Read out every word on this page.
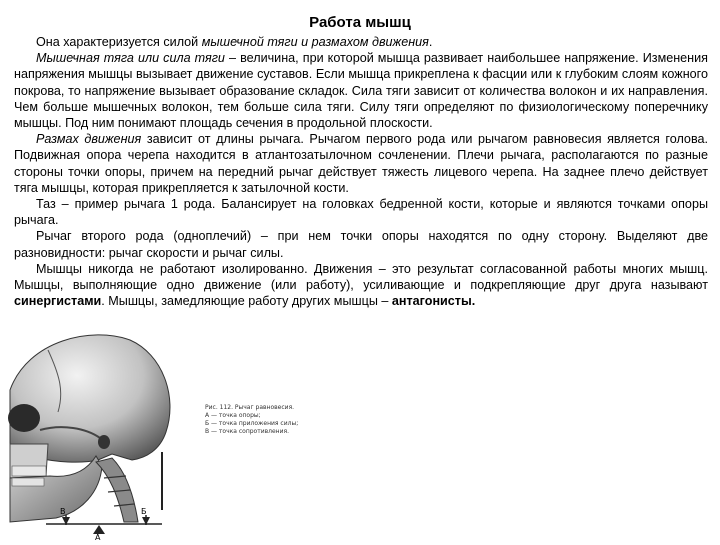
Работа мышц

Она характеризуется силой мышечной тяги и размахом движения.

Мышечная тяга или сила тяги – величина, при которой мышца развивает наибольшее напряжение. Изменения напряжения мышцы вызывает движение суставов. Если мышца прикреплена к фасции или к глубоким слоям кожного покрова, то напряжение вызывает образование складок. Сила тяги зависит от количества волокон и их направления. Чем больше мышечных волокон, тем больше сила тяги. Силу тяги определяют по физиологическому поперечнику мышцы. Под ним понимают площадь сечения в продольной плоскости.

Размах движения зависит от длины рычага. Рычагом первого рода или рычагом равновесия является голова. Подвижная опора черепа находится в атлантозатылочном сочленении. Плечи рычага, располагаются по разные стороны точки опоры, причем на передний рычаг действует тяжесть лицевого черепа. На заднее плечо действует тяга мышцы, которая прикрепляется к затылочной кости.

Таз – пример рычага 1 рода. Балансирует на головках бедренной кости, которые и являются точками опоры рычага.

Рычаг второго рода (одноплечий) – при нем точки опоры находятся по одну сторону. Выделяют две разновидности: рычаг скорости и рычаг силы.

Мышцы никогда не работают изолированно. Движения – это результат согласованной работы многих мышц. Мышцы, выполняющие одно движение (или работу), усиливающие и подкрепляющие друг друга называют синергистами. Мышцы, замедляющие работу других мышцы – антагонисты.

В	Б
А
Рис. 112. Рычаг равновесия.
А — точка опоры;
Б — точка приложения силы;
В — точка сопротивления.
